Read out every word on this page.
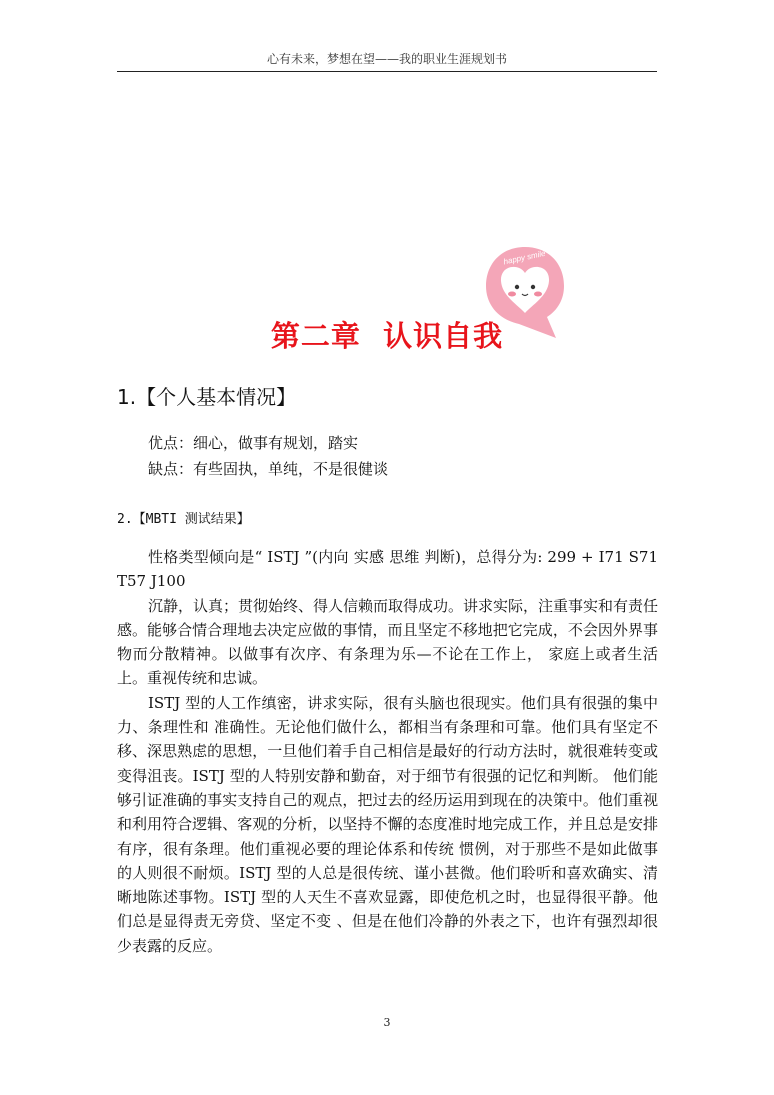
心有未来，梦想在望——我的职业生涯规划书
happy smile
第二章  认识自我
1.【个人基本情况】
优点：细心，做事有规划，踏实
缺点：有些固执，单纯，不是很健谈
2.【MBTI 测试结果】

性格类型倾向是“ ISTJ ”(内向 实感 思维 判断)，总得分为: 299 + I71 S71 T57 J100

沉静，认真；贯彻始终、得人信赖而取得成功。讲求实际，注重事实和有责任感。能够合情合理地去决定应做的事情，而且坚定不移地把它完成，不会因外界事物而分散精神。以做事有次序、有条理为乐—不论在工作上， 家庭上或者生活上。重视传统和忠诚。

ISTJ 型的人工作缜密，讲求实际，很有头脑也很现实。他们具有很强的集中力、条理性和 准确性。无论他们做什么，都相当有条理和可靠。他们具有坚定不移、深思熟虑的思想，一旦他们着手自己相信是最好的行动方法时，就很难转变或变得沮丧。ISTJ 型的人特别安静和勤奋，对于细节有很强的记忆和判断。 他们能够引证准确的事实支持自己的观点，把过去的经历运用到现在的决策中。他们重视和利用符合逻辑、客观的分析，以坚持不懈的态度准时地完成工作，并且总是安排有序，很有条理。他们重视必要的理论体系和传统 惯例，对于那些不是如此做事的人则很不耐烦。ISTJ 型的人总是很传统、谨小甚微。他们聆听和喜欢确实、清晰地陈述事物。ISTJ 型的人天生不喜欢显露，即使危机之时，也显得很平静。他们总是显得责无旁贷、坚定不变 、但是在他们冷静的外表之下，也许有强烈却很少表露的反应。

3
